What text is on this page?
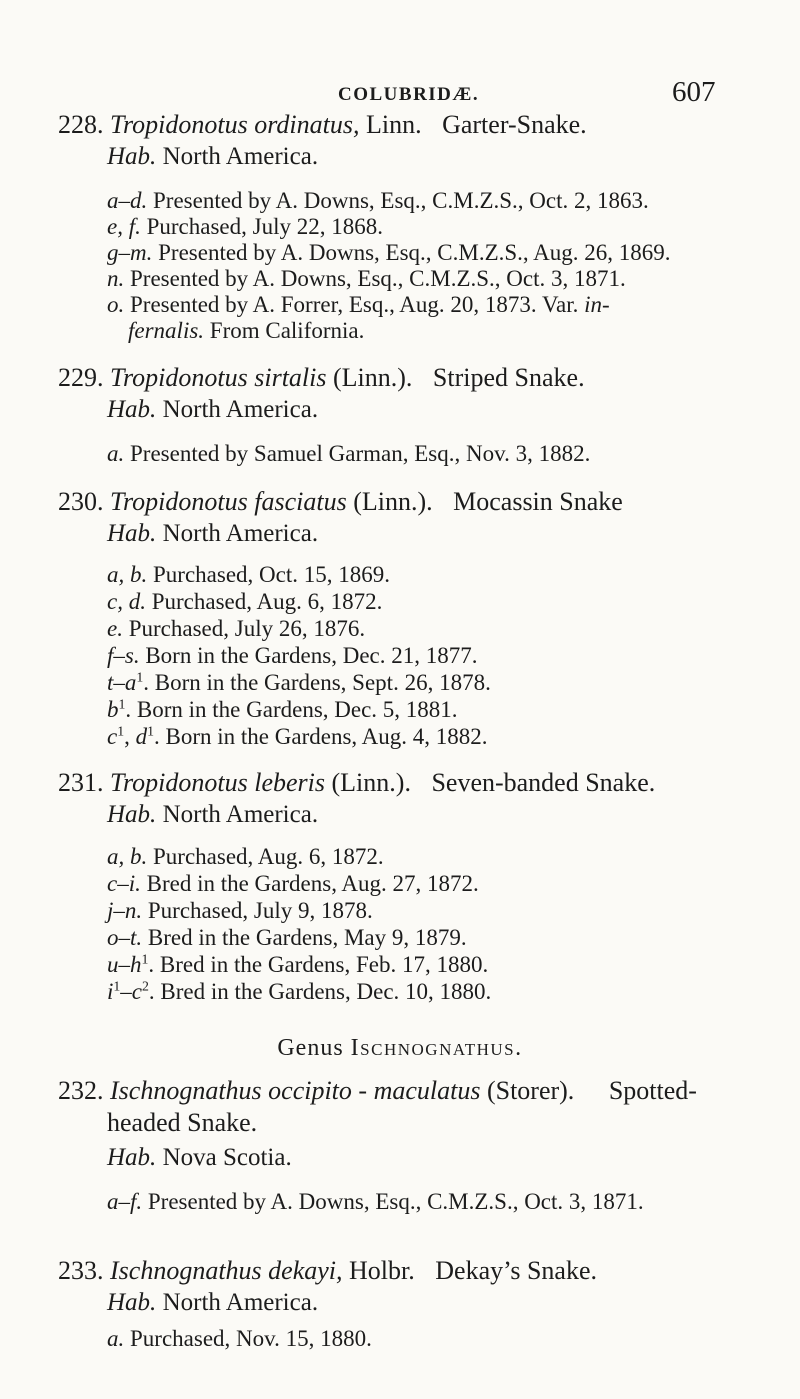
COLUBRIDÆ.	607
228. Tropidonotus ordinatus, Linn. Garter-Snake.
Hab. North America.
a–d. Presented by A. Downs, Esq., C.M.Z.S., Oct. 2, 1863.
e, f. Purchased, July 22, 1868.
g–m. Presented by A. Downs, Esq., C.M.Z.S., Aug. 26, 1869.
n. Presented by A. Downs, Esq., C.M.Z.S., Oct. 3, 1871.
o. Presented by A. Forrer, Esq., Aug. 20, 1873. Var. in-
fernalis. From California.
229. Tropidonotus sirtalis (Linn.). Striped Snake.
Hab. North America.
a. Presented by Samuel Garman, Esq., Nov. 3, 1882.
230. Tropidonotus fasciatus (Linn.). Mocassin Snake
Hab. North America.
a, b. Purchased, Oct. 15, 1869.
c, d. Purchased, Aug. 6, 1872.
e. Purchased, July 26, 1876.
f–s. Born in the Gardens, Dec. 21, 1877.
$t-a^1$. Born in the Gardens, Sept. 26, 1878.
$b^1$. Born in the Gardens, Dec. 5, 1881.
$c^1$, $d^1$. Born in the Gardens, Aug. 4, 1882.
231. Tropidonotus leberis (Linn.). Seven-banded Snake.
Hab. North America.
a, b. Purchased, Aug. 6, 1872.
c–i. Bred in the Gardens, Aug. 27, 1872.
j–n. Purchased, July 9, 1878.
o–t. Bred in the Gardens, May 9, 1879.
$u-h^1$. Bred in the Gardens, Feb. 17, 1880.
$i^1-c^2$. Bred in the Gardens, Dec. 10, 1880.
Genus Ischnognathus.
232. Ischnognathus occipito - maculatus (Storer). Spotted-
headed Snake.
Hab. Nova Scotia.
a–f. Presented by A. Downs, Esq., C.M.Z.S., Oct. 3, 1871.
233. Ischnognathus dekayi, Holbr. Dekay’s Snake.
Hab. North America.
a. Purchased, Nov. 15, 1880.
